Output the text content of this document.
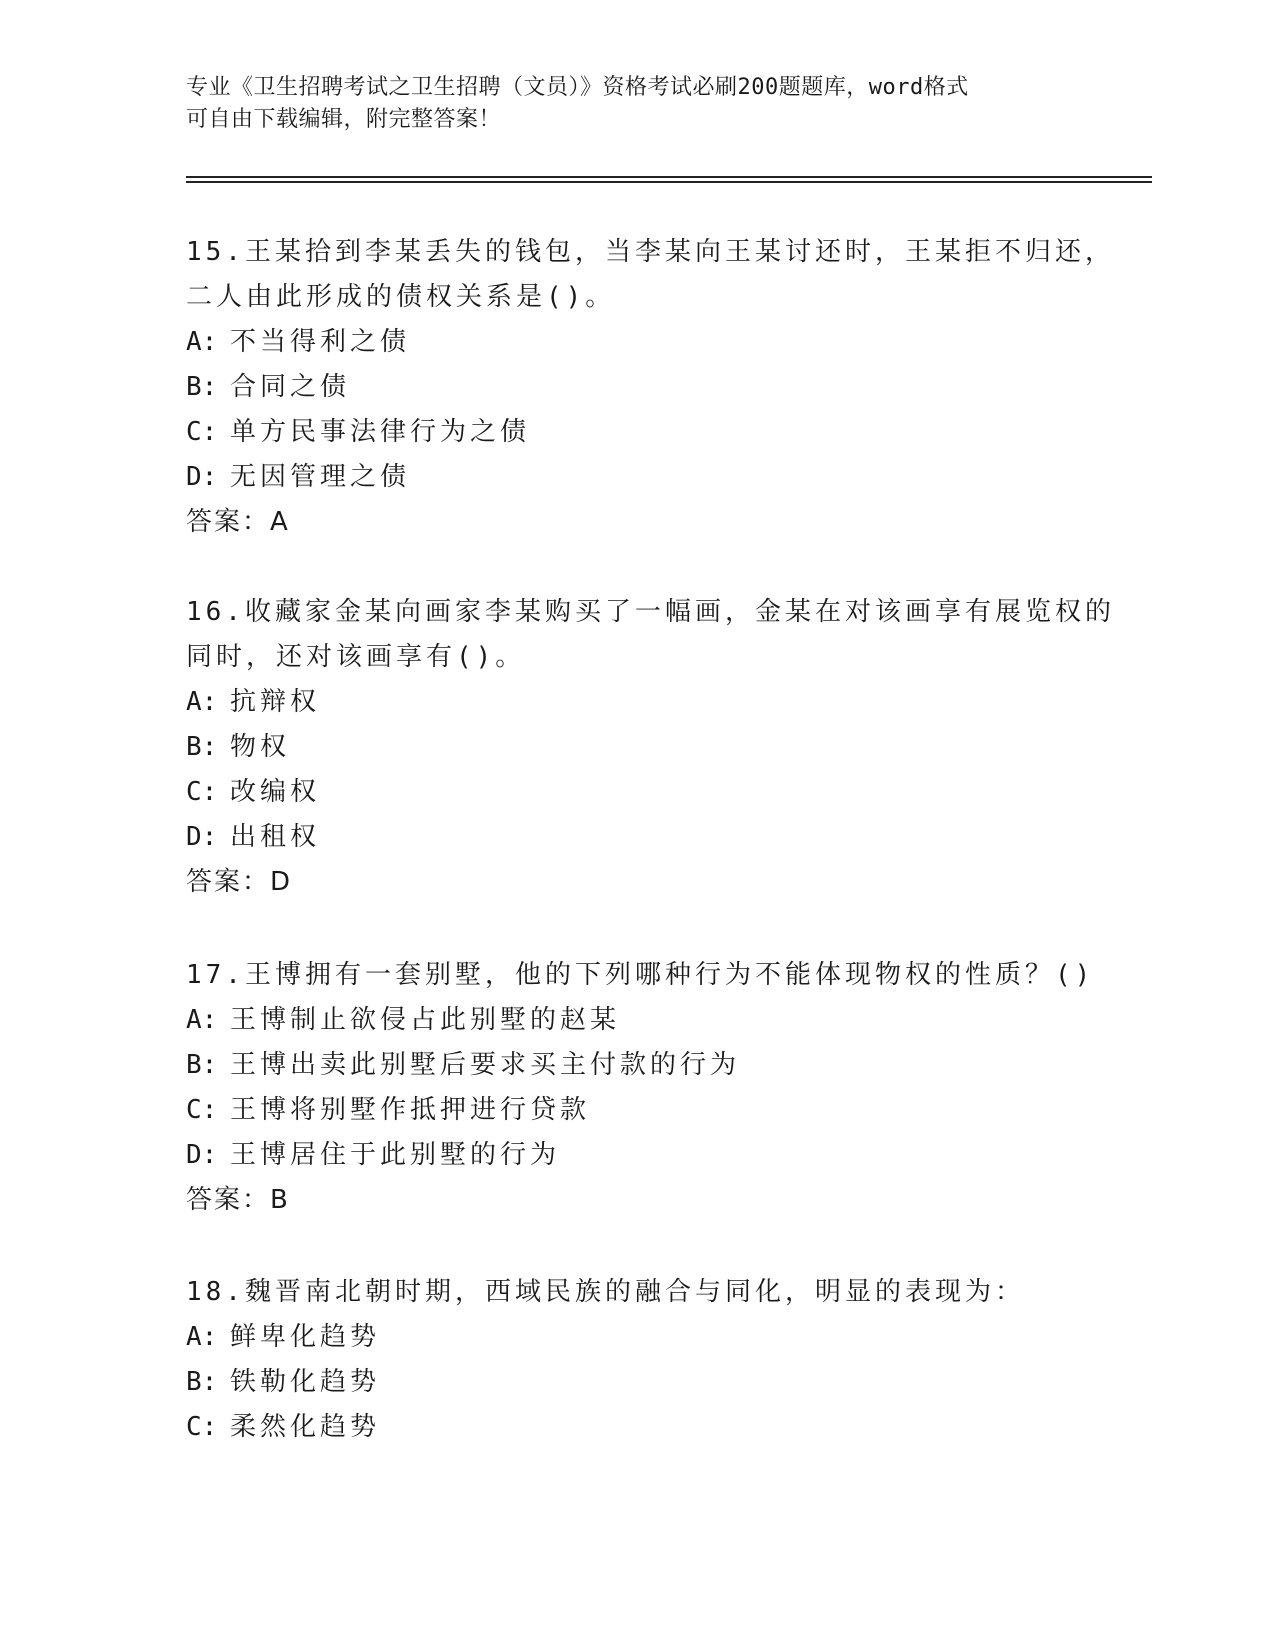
专业《卫生招聘考试之卫生招聘（文员）》资格考试必刷200题题库，word格式
可自由下载编辑，附完整答案！
15.王某拾到李某丢失的钱包，当李某向王某讨还时，王某拒不归还，
二人由此形成的债权关系是()。
A: 不当得利之债
B: 合同之债
C: 单方民事法律行为之债
D: 无因管理之债
答案：A
16.收藏家金某向画家李某购买了一幅画，金某在对该画享有展览权的
同时，还对该画享有()。
A: 抗辩权
B: 物权
C: 改编权
D: 出租权
答案：D
17.王博拥有一套别墅，他的下列哪种行为不能体现物权的性质？()
A: 王博制止欲侵占此别墅的赵某
B: 王博出卖此别墅后要求买主付款的行为
C: 王博将别墅作抵押进行贷款
D: 王博居住于此别墅的行为
答案：B
18.魏晋南北朝时期，西域民族的融合与同化，明显的表现为：
A: 鲜卑化趋势
B: 铁勒化趋势
C: 柔然化趋势
